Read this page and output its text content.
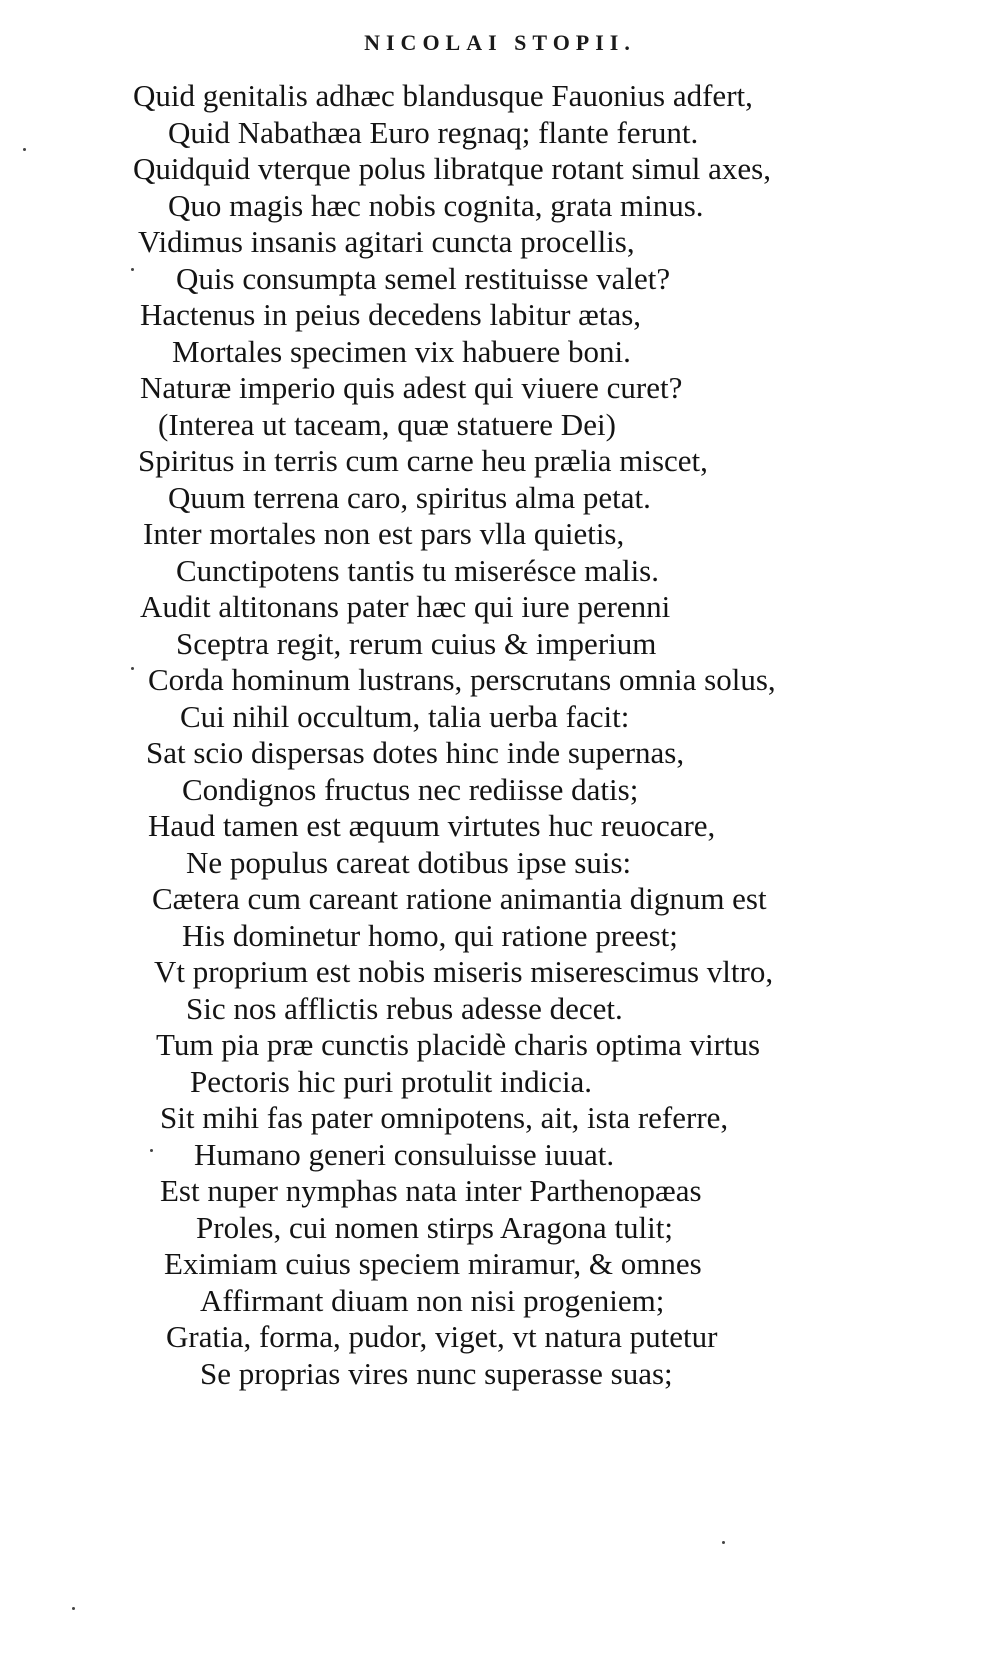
NICOLAI STOPII.
Quid genitalis adhæc blandusque Fauonius adfert,
Quid Nabathæa Euro regnaq; flante ferunt.
Quidquid vterque polus libratque rotant simul axes,
Quo magis hæc nobis cognita, grata minus.
Vidimus insanis agitari cuncta procellis,
Quis consumpta semel restituisse valet?
Hactenus in peius decedens labitur ætas,
Mortales specimen vix habuere boni.
Naturæ imperio quis adest qui viuere curet?
(Interea ut taceam, quæ statuere Dei)
Spiritus in terris cum carne heu prælia miscet,
Quum terrena caro, spiritus alma petat.
Inter mortales non est pars vlla quietis,
Cunctipotens tantis tu miserésce malis.
Audit altitonans pater hæc qui iure perenni
Sceptra regit, rerum cuius & imperium
Corda hominum lustrans, perscrutans omnia solus,
Cui nihil occultum, talia uerba facit:
Sat scio dispersas dotes hinc inde supernas,
Condignos fructus nec rediisse datis;
Haud tamen est æquum virtutes huc reuocare,
Ne populus careat dotibus ipse suis:
Cætera cum careant ratione animantia dignum est
His dominetur homo, qui ratione preest;
Vt proprium est nobis miseris miserescimus vltro,
Sic nos afflictis rebus adesse decet.
Tum pia præ cunctis placidè charis optima virtus
Pectoris hic puri protulit indicia.
Sit mihi fas pater omnipotens, ait, ista referre,
Humano generi consuluisse iuuat.
Est nuper nymphas nata inter Parthenopæas
Proles, cui nomen stirps Aragona tulit;
Eximiam cuius speciem miramur, & omnes
Affirmant diuam non nisi progeniem;
Gratia, forma, pudor, viget, vt natura putetur
Se proprias vires nunc superasse suas;
